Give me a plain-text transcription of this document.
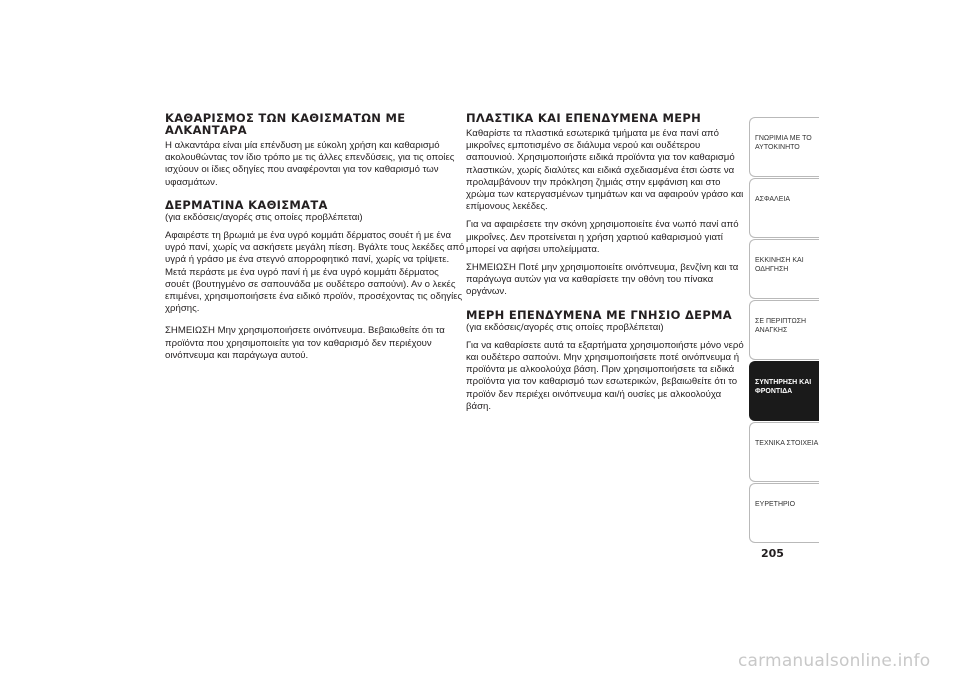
ΚΑΘΑΡΙΣΜΟΣ ΤΩΝ ΚΑΘΙΣΜΑΤΩΝ ΜΕ ΑΛΚΑΝΤΑΡΑ

Η αλκαντάρα είναι μία επένδυση με εύκολη χρήση και καθαρισμό ακολουθώντας τον ίδιο τρόπο με τις άλλες επενδύσεις, για τις οποίες ισχύουν οι ίδιες οδηγίες που αναφέρονται για τον καθαρισμό των υφασμάτων.

ΔΕΡΜΑΤΙΝΑ ΚΑΘΙΣΜΑΤΑ

(για εκδόσεις/αγορές στις οποίες προβλέπεται)

Αφαιρέστε τη βρωμιά με ένα υγρό κομμάτι δέρματος σουέτ ή με ένα υγρό πανί, χωρίς να ασκήσετε μεγάλη πίεση. Βγάλτε τους λεκέδες από υγρά ή γράσο με ένα στεγνό απορροφητικό πανί, χωρίς να τρίψετε. Μετά περάστε με ένα υγρό πανί ή με ένα υγρό κομμάτι δέρματος σουέτ (βουτηγμένο σε σαπουνάδα με ουδέτερο σαπούνι). Αν ο λεκές επιμένει, χρησιμοποιήσετε ένα ειδικό προϊόν, προσέχοντας τις οδηγίες χρήσης.

ΣΗΜΕΙΩΣΗ Μην χρησιμοποιήσετε οινόπνευμα. Βεβαιωθείτε ότι τα προϊόντα που χρησιμοποιείτε για τον καθαρισμό δεν περιέχουν οινόπνευμα και παράγωγα αυτού.

ΠΛΑΣΤΙΚΑ ΚΑΙ ΕΠΕΝΔΥΜΕΝΑ ΜΕΡΗ

Καθαρίστε τα πλαστικά εσωτερικά τμήματα με ένα πανί από μικροΐνες εμποτισμένο σε διάλυμα νερού και ουδέτερου σαπουνιού. Χρησιμοποιήστε ειδικά προϊόντα για τον καθαρισμό πλαστικών, χωρίς διαλύτες και ειδικά σχεδιασμένα έτσι ώστε να προλαμβάνουν την πρόκληση ζημιάς στην εμφάνιση και στο χρώμα των κατεργασμένων τμημάτων και να αφαιρούν γράσο και επίμονους λεκέδες.

Για να αφαιρέσετε την σκόνη χρησιμοποιείτε ένα νωπό πανί από μικροΐνες. Δεν προτείνεται η χρήση χαρτιού καθαρισμού γιατί μπορεί να αφήσει υπολείμματα.

ΣΗΜΕΙΩΣΗ Ποτέ μην χρησιμοποιείτε οινόπνευμα, βενζίνη και τα παράγωγα αυτών για να καθαρίσετε την οθόνη του πίνακα οργάνων.

ΜΕΡΗ ΕΠΕΝΔΥΜΕΝΑ ΜΕ ΓΝΗΣΙΟ ΔΕΡΜΑ

(για εκδόσεις/αγορές στις οποίες προβλέπεται)

Για να καθαρίσετε αυτά τα εξαρτήματα χρησιμοποιήστε μόνο νερό και ουδέτερο σαπούνι. Μην χρησιμοποιήσετε ποτέ οινόπνευμα ή προϊόντα με αλκοολούχα βάση. Πριν χρησιμοποιήσετε τα ειδικά προϊόντα για τον καθαρισμό των εσωτερικών, βεβαιωθείτε ότι το προϊόν δεν περιέχει οινόπνευμα και/ή ουσίες με αλκοολούχα βάση.

ΓΝΩΡΙΜΙΑ ΜΕ ΤΟ ΑΥΤΟΚΙΝΗΤΟ
ΑΣΦΑΛΕΙΑ
ΕΚΚΙΝΗΣΗ ΚΑΙ ΟΔΗΓΗΣΗ
ΣΕ ΠΕΡΙΠΤΩΣΗ ΑΝΑΓΚΗΣ
ΣΥΝΤΗΡΗΣΗ ΚΑΙ ΦΡΟΝΤΙΔΑ
ΤΕΧΝΙΚΑ ΣΤΟΙΧΕΙΑ
ΕΥΡΕΤΗΡΙΟ
205
carmanualsonline.info
